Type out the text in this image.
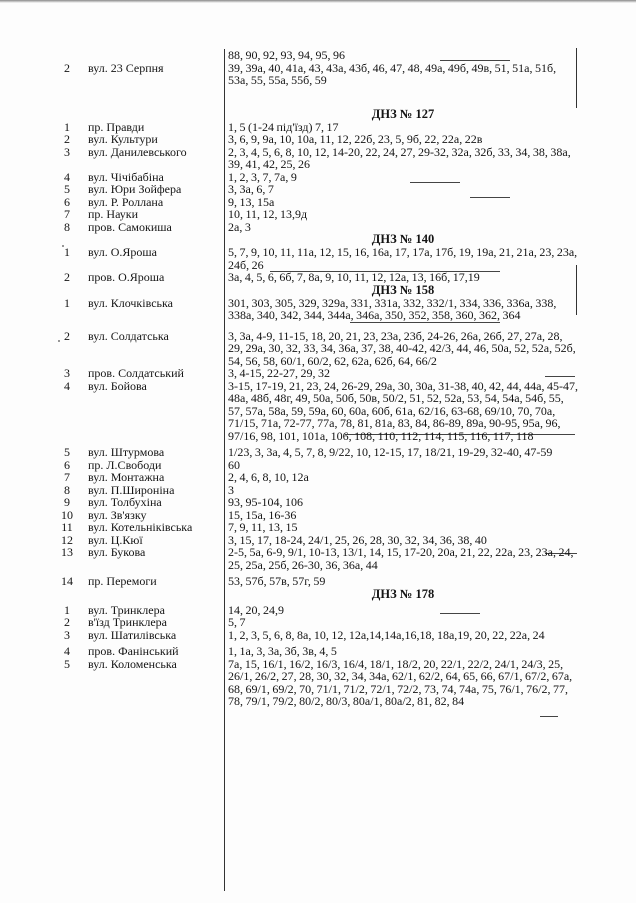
88, 90, 92, 93, 94, 95, 96
2	вул. 23 Серпня	39, 39а, 40, 41а, 43, 43а, 43б, 46, 47, 48, 49а, 49б, 49в, 51, 51а, 51б, 53а, 55, 55а, 55б, 59
ДНЗ № 127
1	пр. Правди	1, 5 (1-24 під'їзд) 7, 17
2	вул. Культури	3, 6, 9, 9а, 10, 10а, 11, 12, 22б, 23, 5, 9б, 22, 22а, 22в
3	вул. Данилевського	2, 3, 4, 5, 6, 8, 10, 12, 14-20, 22, 24, 27, 29-32, 32а, 32б, 33, 34, 38, 38а, 39, 41, 42, 25, 26
4	вул. Чічібабіна	1, 2, 3, 7, 7а, 9
5	вул. Юри Зойфера	3, 3а, 6, 7
6	вул. Р. Роллана	9, 13, 15а
7	пр. Науки	10, 11, 12, 13,9д
8	пров. Самокиша	2а, 3
ДНЗ № 140
1	вул. О.Яроша	5, 7, 9, 10, 11, 11а, 12, 15, 16, 16а, 17, 17а, 17б, 19, 19а, 21, 21а, 23, 23а, 24б, 26
2	пров. О.Яроша	3а, 4, 5, 6, 6б, 7, 8а, 9, 10, 11, 12, 12а, 13, 16б, 17,19
ДНЗ № 158
1	вул. Клочківська	301, 303, 305, 329, 329а, 331, 331а, 332, 332/1, 334, 336, 336а, 338, 338а, 340, 342, 344, 344а, 346а, 350, 352, 358, 360, 362, 364
2	вул. Солдатська	3, 3а, 4-9, 11-15, 18, 20, 21, 23, 23а, 23б, 24-26, 26а, 26б, 27, 27а, 28, 29, 29а, 30, 32, 33, 34, 36а, 37, 38, 40-42, 42/3, 44, 46, 50а, 52, 52а, 52б, 54, 56, 58, 60/1, 60/2, 62, 62а, 62б, 64, 66/2
3	пров. Солдатський	3, 4-15, 22-27, 29, 32
4	вул. Бойова	3-15, 17-19, 21, 23, 24, 26-29, 29а, 30, 30а, 31-38, 40, 42, 44, 44а, 45-47, 48а, 48б, 48г, 49, 50а, 50б, 50в, 50/2, 51, 52, 52а, 53, 54, 54а, 54б, 55, 57, 57а, 58а, 59, 59а, 60, 60а, 60б, 61а, 62/16, 63-68, 69/10, 70, 70а, 71/15, 71а, 72-77, 77а, 78, 81, 81а, 83, 84, 86-89, 89а, 90-95, 95а, 96, 97/16, 98, 101, 101а, 106, 108, 110, 112, 114, 115, 116, 117, 118
5	вул. Штурмова	1/23, 3, 3а, 4, 5, 7, 8, 9/22, 10, 12-15, 17, 18/21, 19-29, 32-40, 47-59
6	пр. Л.Свободи	60
7	вул. Монтажна	2, 4, 6, 8, 10, 12а
8	вул. П.Широніна	3
9	вул. Толбухіна	93, 95-104, 106
10	вул. Зв'язку	15, 15а, 16-36
11	вул. Котельніківська	7, 9, 11, 13, 15
12	вул. Ц.Кюї	3, 15, 17, 18-24, 24/1, 25, 26, 28, 30, 32, 34, 36, 38, 40
13	вул. Букова	2-5, 5а, 6-9, 9/1, 10-13, 13/1, 14, 15, 17-20, 20а, 21, 22, 22а, 23, 23а, 24, 25, 25а, 25б, 26-30, 36, 36а, 44
14	пр. Перемоги	53, 57б, 57в, 57г, 59
ДНЗ № 178
1	вул. Тринклера	14, 20, 24,9
2	в'їзд Тринклера	5, 7
3	вул. Шатилівська	1, 2, 3, 5, 6, 8, 8а, 10, 12, 12а,14,14а,16,18, 18а,19, 20, 22, 22а, 24
4	пров. Фанінський	1, 1а, 3, 3а, 3б, 3в, 4, 5
5	вул. Коломенська	7а, 15, 16/1, 16/2, 16/3, 16/4, 18/1, 18/2, 20, 22/1, 22/2, 24/1, 24/3, 25, 26/1, 26/2, 27, 28, 30, 32, 34, 34а, 62/1, 62/2, 64, 65, 66, 67/1, 67/2, 67а, 68, 69/1, 69/2, 70, 71/1, 71/2, 72/1, 72/2, 73, 74, 74а, 75, 76/1, 76/2, 77, 78, 79/1, 79/2, 80/2, 80/3, 80а/1, 80а/2, 81, 82, 84
